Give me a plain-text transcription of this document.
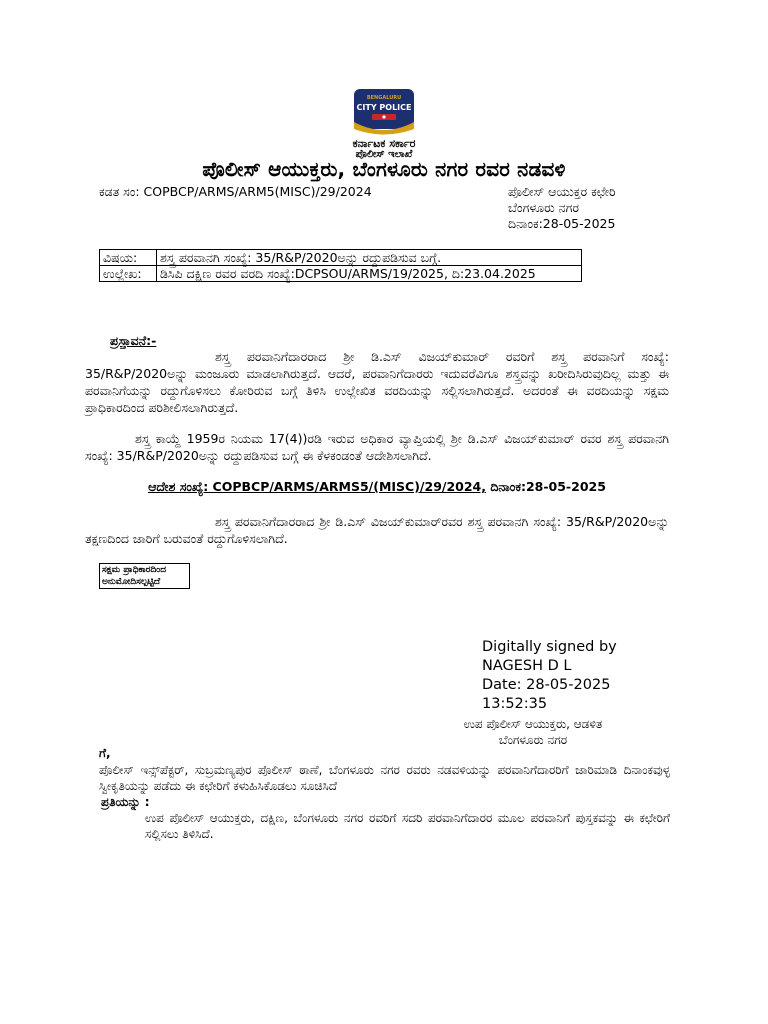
BENGALURU
CITY POLICE
ಕರ್ನಾಟಕ ಸರ್ಕಾರ
ಪೊಲೀಸ್ ಇಲಾಖೆ
ಪೊಲೀಸ್ ಆಯುಕ್ತರು, ಬೆಂಗಳೂರು ನಗರ ರವರ ನಡವಳಿ
ಕಡತ ಸಂ: COPBCP/ARMS/ARM5(MISC)/29/2024	ಪೊಲೀಸ್ ಆಯುಕ್ತರ ಕಛೇರಿ
ಬೆಂಗಳೂರು ನಗರ
ದಿನಾಂಕ:28-05-2025
ವಿಷಯ:	ಶಸ್ತ್ರ ಪರವಾನಗಿ ಸಂಖ್ಯೆ: 35/R&P/2020ಅನ್ನು ರದ್ದುಪಡಿಸುವ ಬಗ್ಗೆ.
ಉಲ್ಲೇಖ:	ಡಿಸಿಪಿ ದಕ್ಷಿಣ ರವರ ವರದಿ ಸಂಖ್ಯೆ:DCPSOU/ARMS/19/2025, ದಿ:23.04.2025
ಪ್ರಸ್ತಾವನೆ:-
ಶಸ್ತ್ರ ಪರವಾನಿಗೆದಾರರಾದ ಶ್ರೀ ಡಿ.ಎಸ್ ವಿಜಯ್‌ಕುಮಾರ್ ರವರಿಗೆ ಶಸ್ತ್ರ ಪರವಾನಿಗೆ ಸಂಖ್ಯೆ: 35/R&P/2020ಅನ್ನು ಮಂಜೂರು ಮಾಡಲಾಗಿರುತ್ತದೆ. ಆದರೆ, ಪರವಾನಿಗೆದಾರರು ಇದುವರೆವಿಗೂ ಶಸ್ತ್ರವನ್ನು ಖರೀದಿಸಿರುವುದಿಲ್ಲ ಮತ್ತು ಈ ಪರವಾನಿಗೆಯನ್ನು ರದ್ದುಗೊಳಿಸಲು ಕೋರಿರುವ ಬಗ್ಗೆ ತಿಳಿಸಿ ಉಲ್ಲೇಖಿತ ವರದಿಯನ್ನು ಸಲ್ಲಿಸಲಾಗಿರುತ್ತದೆ. ಅದರಂತೆ ಈ ವರದಿಯನ್ನು ಸಕ್ಷಮ ಪ್ರಾಧಿಕಾರದಿಂದ ಪರಿಶೀಲಿಸಲಾಗಿರುತ್ತದೆ.
ಶಸ್ತ್ರ ಕಾಯ್ದೆ 1959ರ ನಿಯಮ 17(4))ರಡಿ ಇರುವ ಅಧಿಕಾರ ವ್ಯಾಪ್ತಿಯಲ್ಲಿ ಶ್ರೀ ಡಿ.ಎಸ್ ವಿಜಯ್‌ಕುಮಾರ್ ರವರ ಶಸ್ತ್ರ ಪರವಾನಗಿ ಸಂಖ್ಯೆ: 35/R&P/2020ಅನ್ನು ರದ್ದುಪಡಿಸುವ ಬಗ್ಗೆ ಈ ಕೆಳಕಂಡಂತೆ ಆದೇಶಿಸಲಾಗಿದೆ.
ಆದೇಶ ಸಂಖ್ಯೆ: COPBCP/ARMS/ARMS5/(MISC)/29/2024, ದಿನಾಂಕ:28-05-2025
ಶಸ್ತ್ರ ಪರವಾನಿಗೆದಾರರಾದ ಶ್ರೀ ಡಿ.ಎಸ್ ವಿಜಯ್‌ಕುಮಾರ್‌ರವರ ಶಸ್ತ್ರ ಪರವಾನಗಿ ಸಂಖ್ಯೆ: 35/R&P/2020ಅನ್ನು ತಕ್ಷಣದಿಂದ ಜಾರಿಗೆ ಬರುವಂತೆ ರದ್ದುಗೊಳಿಸಲಾಗಿದೆ.
ಸಕ್ಷಮ ಪ್ರಾಧಿಕಾರದಿಂದ
ಅನುಮೋದಿಸಲ್ಪಟ್ಟಿದೆ
Digitally signed by
NAGESH D L
Date: 28-05-2025
13:52:35
ಉಪ ಪೊಲೀಸ್ ಆಯುಕ್ತರು, ಆಡಳಿತ
ಬೆಂಗಳೂರು ನಗರ
ಗೆ,
ಪೊಲೀಸ್ ಇನ್ಸ್‌ಪೆಕ್ಟರ್, ಸುಬ್ರಮಣ್ಯಪುರ ಪೊಲೀಸ್ ಠಾಣೆ, ಬೆಂಗಳೂರು ನಗರ ರವರು ನಡವಳಿಯನ್ನು ಪರವಾನಿಗೆದಾರರಿಗೆ ಜಾರಿಮಾಡಿ ದಿನಾಂಕವುಳ್ಳ ಸ್ವೀಕೃತಿಯನ್ನು ಪಡೆದು ಈ ಕಛೇರಿಗೆ ಕಳುಹಿಸಿಕೊಡಲು ಸೂಚಿಸಿದೆ
ಪ್ರತಿಯನ್ನು :
ಉಪ ಪೊಲೀಸ್ ಆಯುಕ್ತರು, ದಕ್ಷಿಣ, ಬೆಂಗಳೂರು ನಗರ ರವರಿಗೆ ಸದರಿ ಪರವಾನಿಗೆದಾರರ ಮೂಲ ಪರವಾನಿಗೆ ಪುಸ್ತಕವನ್ನು ಈ ಕಛೇರಿಗೆ ಸಲ್ಲಿಸಲು ತಿಳಿಸಿದೆ.
